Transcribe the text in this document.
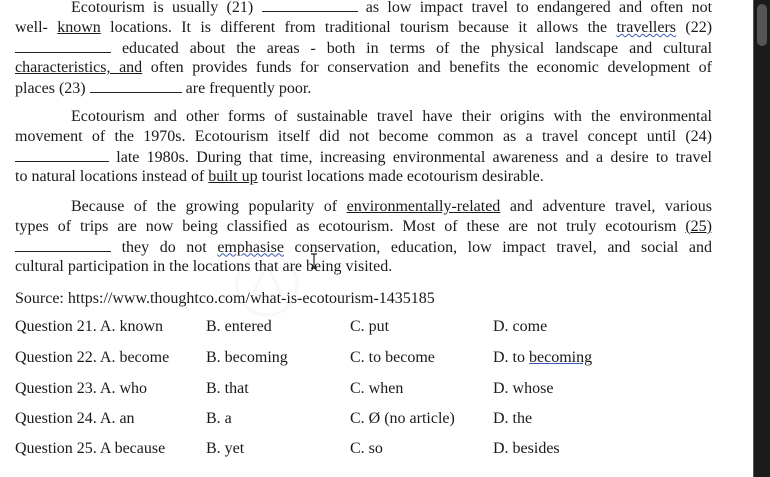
Ecotourism is usually (21)	as low impact travel to endangered and often not
well- known locations. It is different from traditional tourism because it allows the travellers (22)
educated about the areas - both in terms of the physical landscape and cultural
characteristics, and often provides funds for conservation and benefits the economic development of
places (23)	are frequently poor.
Ecotourism and other forms of sustainable travel have their origins with the environmental
movement of the 1970s. Ecotourism itself did not become common as a travel concept until (24)
late 1980s. During that time, increasing environmental awareness and a desire to travel
to natural locations instead of built up tourist locations made ecotourism desirable.
Because of the growing popularity of environmentally-related and adventure travel, various
types of trips are now being classified as ecotourism. Most of these are not truly ecotourism (25)
they do not emphasise conservation, education, low impact travel, and social and
cultural participation in the locations that are being visited.
Source: https://www.thoughtco.com/what-is-ecotourism-1435185
Question 21. A. known	B. entered	C. put	D. come
Question 22. A. become B. becoming	C. to become	D. to becoming
Question 23. A. who	B. that	C. when	D. whose
Question 24. A. an	B. a	C. Ø (no article) D. the
Question 25. A because	B. yet	C. so	D. besides
